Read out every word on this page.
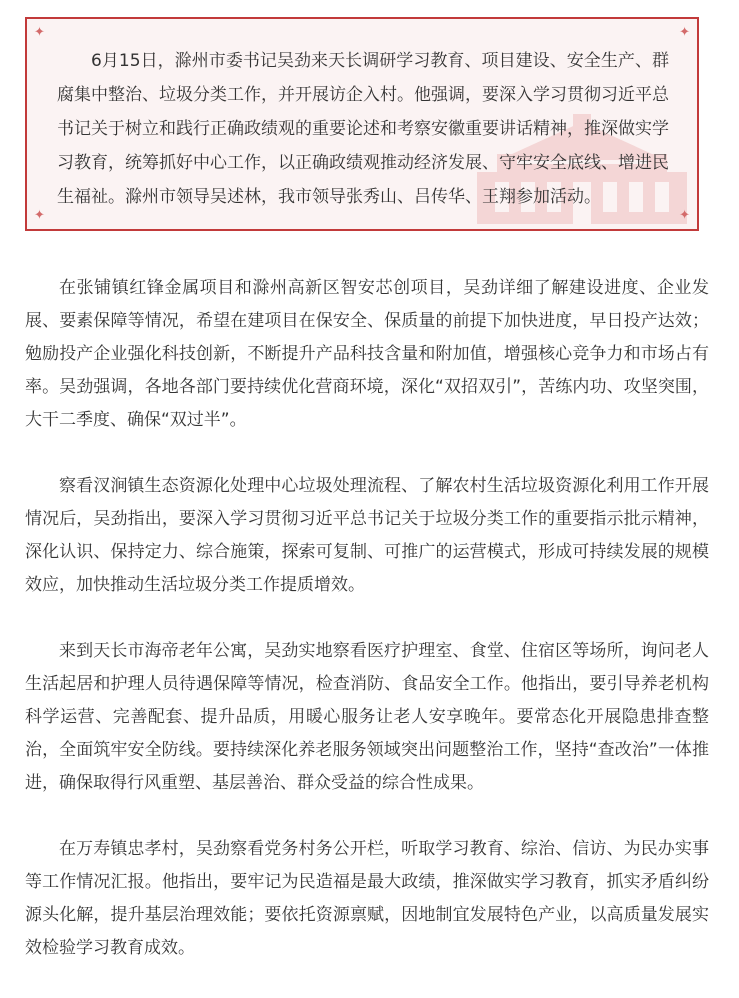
✦	✦
✦	✦

6月15日，滁州市委书记吴劲来天长调研学习教育、项目建设、安全生产、群腐集中整治、垃圾分类工作，并开展访企入村。他强调，要深入学习贯彻习近平总书记关于树立和践行正确政绩观的重要论述和考察安徽重要讲话精神，推深做实学习教育，统筹抓好中心工作，以正确政绩观推动经济发展、守牢安全底线、增进民生福祉。滁州市领导吴述林，我市领导张秀山、吕传华、王翔参加活动。

在张铺镇红锋金属项目和滁州高新区智安芯创项目，吴劲详细了解建设进度、企业发展、要素保障等情况，希望在建项目在保安全、保质量的前提下加快进度，早日投产达效；勉励投产企业强化科技创新，不断提升产品科技含量和附加值，增强核心竞争力和市场占有率。吴劲强调，各地各部门要持续优化营商环境，深化“双招双引”，苦练内功、攻坚突围，大干二季度、确保“双过半”。

察看汊涧镇生态资源化处理中心垃圾处理流程、了解农村生活垃圾资源化利用工作开展情况后，吴劲指出，要深入学习贯彻习近平总书记关于垃圾分类工作的重要指示批示精神，深化认识、保持定力、综合施策，探索可复制、可推广的运营模式，形成可持续发展的规模效应，加快推动生活垃圾分类工作提质增效。

来到天长市海帝老年公寓，吴劲实地察看医疗护理室、食堂、住宿区等场所，询问老人生活起居和护理人员待遇保障等情况，检查消防、食品安全工作。他指出，要引导养老机构科学运营、完善配套、提升品质，用暖心服务让老人安享晚年。要常态化开展隐患排查整治，全面筑牢安全防线。要持续深化养老服务领域突出问题整治工作，坚持“查改治”一体推进，确保取得行风重塑、基层善治、群众受益的综合性成果。

在万寿镇忠孝村，吴劲察看党务村务公开栏，听取学习教育、综治、信访、为民办实事等工作情况汇报。他指出，要牢记为民造福是最大政绩，推深做实学习教育，抓实矛盾纠纷源头化解，提升基层治理效能；要依托资源禀赋，因地制宜发展特色产业，以高质量发展实效检验学习教育成效。
